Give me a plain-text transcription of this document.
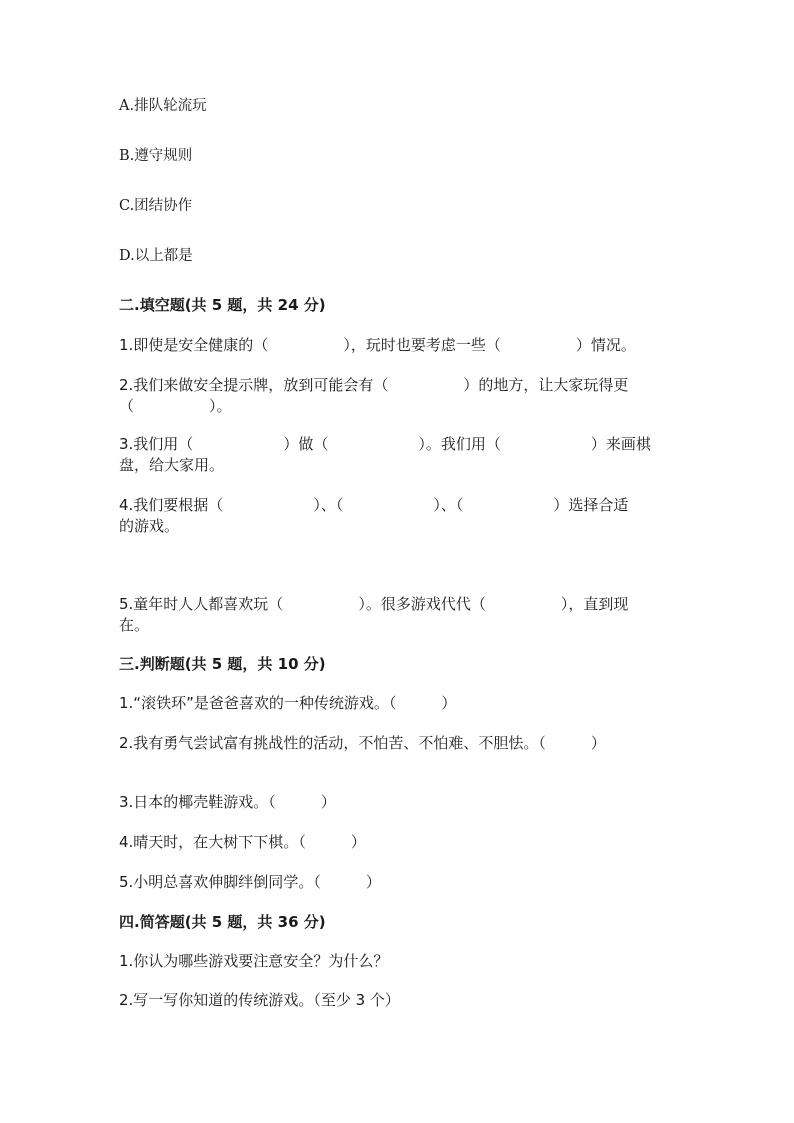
A.排队轮流玩
B.遵守规则
C.团结协作
D.以上都是
二.填空题(共 5 题，共 24 分)
1.即使是安全健康的（　　　　　），玩时也要考虑一些（　　　　　）情况。
2.我们来做安全提示牌，放到可能会有（　　　　　）的地方，让大家玩得更
（　　　　　）。
3.我们用（　　　　　　）做（　　　　　　）。我们用（　　　　　　）来画棋
盘，给大家用。
4.我们要根据（　　　　　　）、（　　　　　　）、（　　　　　　）选择合适
的游戏。
5.童年时人人都喜欢玩（　　　　　）。很多游戏代代（　　　　　），直到现
在。
三.判断题(共 5 题，共 10 分)
1.“滚铁环”是爸爸喜欢的一种传统游戏。（　　　）
2.我有勇气尝试富有挑战性的活动，不怕苦、不怕难、不胆怯。（　　　）
3.日本的椰壳鞋游戏。（　　　）
4.晴天时，在大树下下棋。（　　　）
5.小明总喜欢伸脚绊倒同学。（　　　）
四.简答题(共 5 题，共 36 分)
1.你认为哪些游戏要注意安全？为什么？
2.写一写你知道的传统游戏。（至少 3 个）
